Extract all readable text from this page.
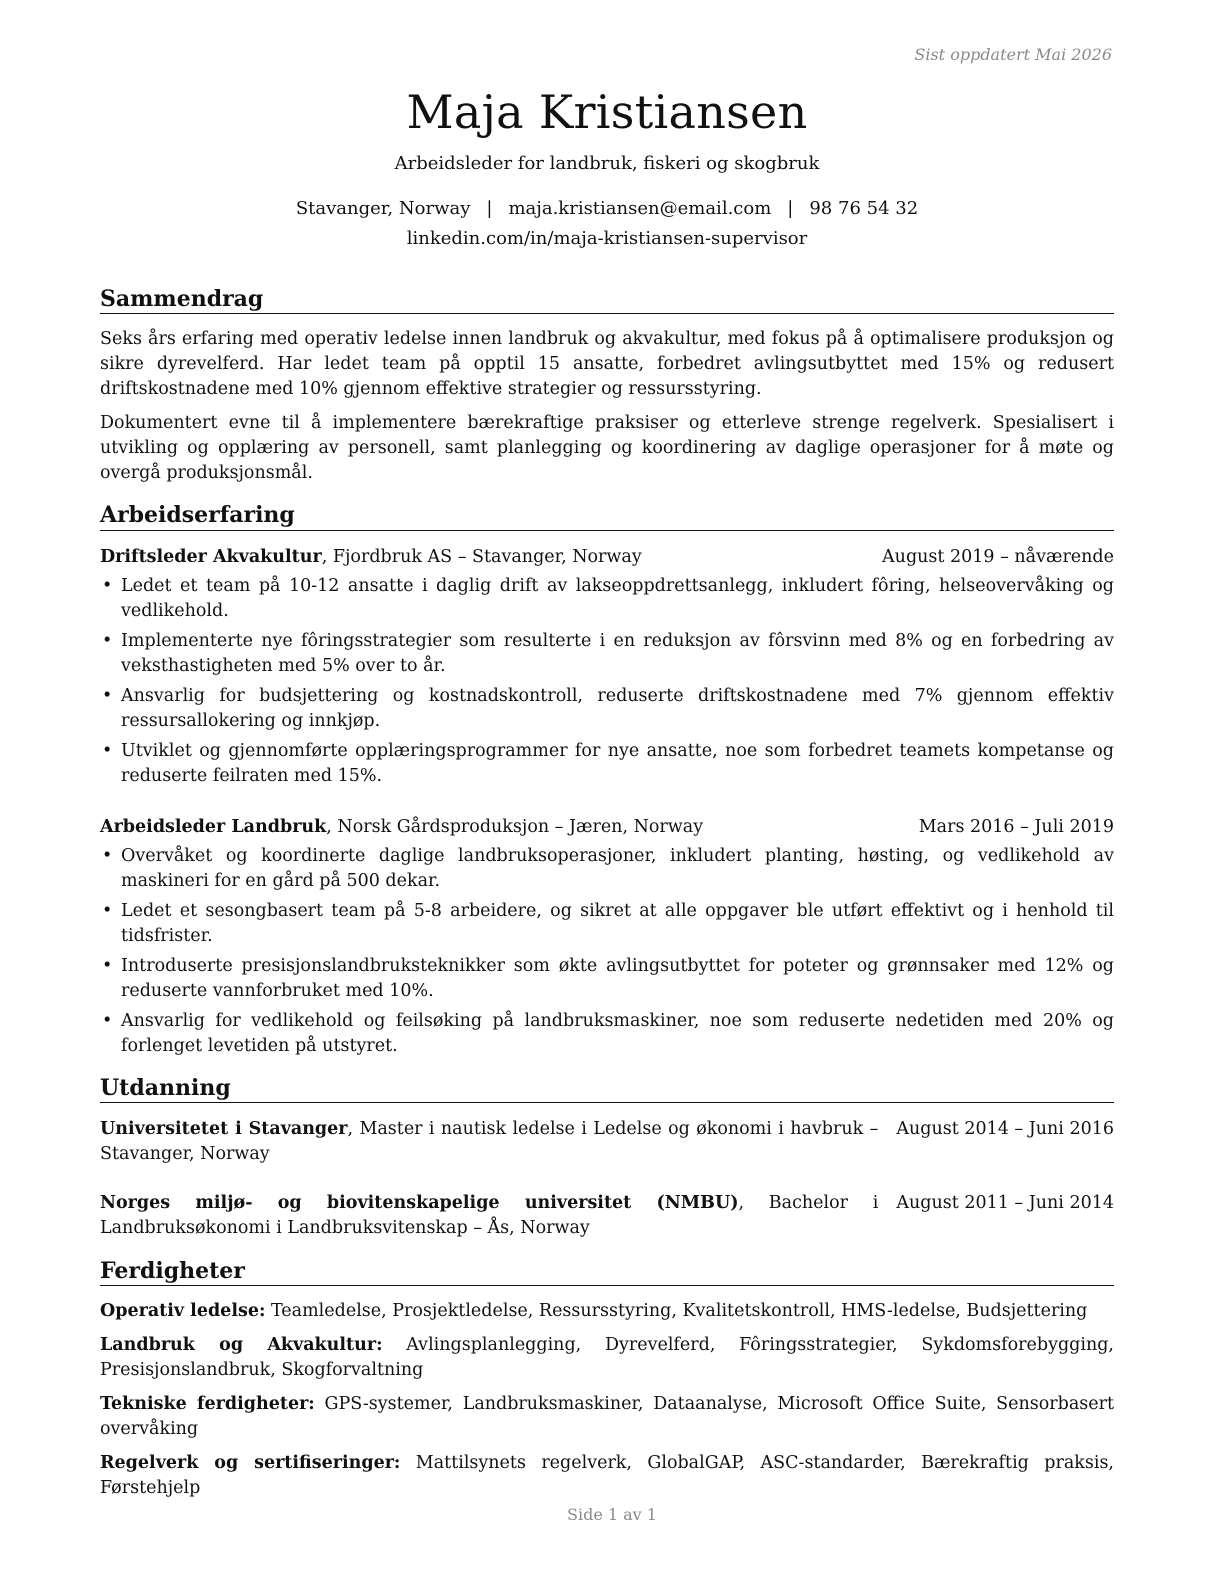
Sist oppdatert Mai 2026
Maja Kristiansen
Arbeidsleder for landbruk, fiskeri og skogbruk
Stavanger, Norway | maja.kristiansen@email.com | 98 76 54 32
linkedin.com/in/maja-kristiansen-supervisor
Sammendrag

Seks års erfaring med operativ ledelse innen landbruk og akvakultur, med fokus på å optimalisere produksjon og sikre dyrevelferd. Har ledet team på opptil 15 ansatte, forbedret avlingsutbyttet med 15% og redusert driftskostnadene med 10% gjennom effektive strategier og ressursstyring.

Dokumentert evne til å implementere bærekraftige praksiser og etterleve strenge regelverk. Spesialisert i utvikling og opplæring av personell, samt planlegging og koordinering av daglige operasjoner for å møte og overgå produksjonsmål.

Arbeidserfaring
Driftsleder Akvakultur, Fjordbruk AS – Stavanger, Norway	August 2019 – nåværende
• Ledet et team på 10-12 ansatte i daglig drift av lakseoppdrettsanlegg, inkludert fôring, helseovervåking og vedlikehold.
• Implementerte nye fôringsstrategier som resulterte i en reduksjon av fôrsvinn med 8% og en forbedring av veksthastigheten med 5% over to år.
• Ansvarlig for budsjettering og kostnadskontroll, reduserte driftskostnadene med 7% gjennom effektiv ressursallokering og innkjøp.
• Utviklet og gjennomførte opplæringsprogrammer for nye ansatte, noe som forbedret teamets kompetanse og reduserte feilraten med 15%.
Arbeidsleder Landbruk, Norsk Gårdsproduksjon – Jæren, Norway	Mars 2016 – Juli 2019
• Overvåket og koordinerte daglige landbruksoperasjoner, inkludert planting, høsting, og vedlikehold av maskineri for en gård på 500 dekar.
• Ledet et sesongbasert team på 5-8 arbeidere, og sikret at alle oppgaver ble utført effektivt og i henhold til tidsfrister.
• Introduserte presisjonslandbruksteknikker som økte avlingsutbyttet for poteter og grønnsaker med 12% og reduserte vannforbruket med 10%.
• Ansvarlig for vedlikehold og feilsøking på landbruksmaskiner, noe som reduserte nedetiden med 20% og forlenget levetiden på utstyret.
Utdanning
Universitetet i Stavanger, Master i nautisk ledelse i Ledelse og økonomi i havbruk – Stavanger, Norway
August 2014 – Juni 2016
Norges miljø- og biovitenskapelige universitet (NMBU), Bachelor i Landbruksøkonomi i Landbruksvitenskap – Ås, Norway
August 2011 – Juni 2014
Ferdigheter
Operativ ledelse: Teamledelse, Prosjektledelse, Ressursstyring, Kvalitetskontroll, HMS-ledelse, Budsjettering
Landbruk og Akvakultur: Avlingsplanlegging, Dyrevelferd, Fôringsstrategier, Sykdomsforebygging, Presisjonslandbruk, Skogforvaltning
Tekniske ferdigheter: GPS-systemer, Landbruksmaskiner, Dataanalyse, Microsoft Office Suite, Sensorbasert overvåking
Regelverk og sertifiseringer: Mattilsynets regelverk, GlobalGAP, ASC-standarder, Bærekraftig praksis, Førstehjelp
Side 1 av 1
